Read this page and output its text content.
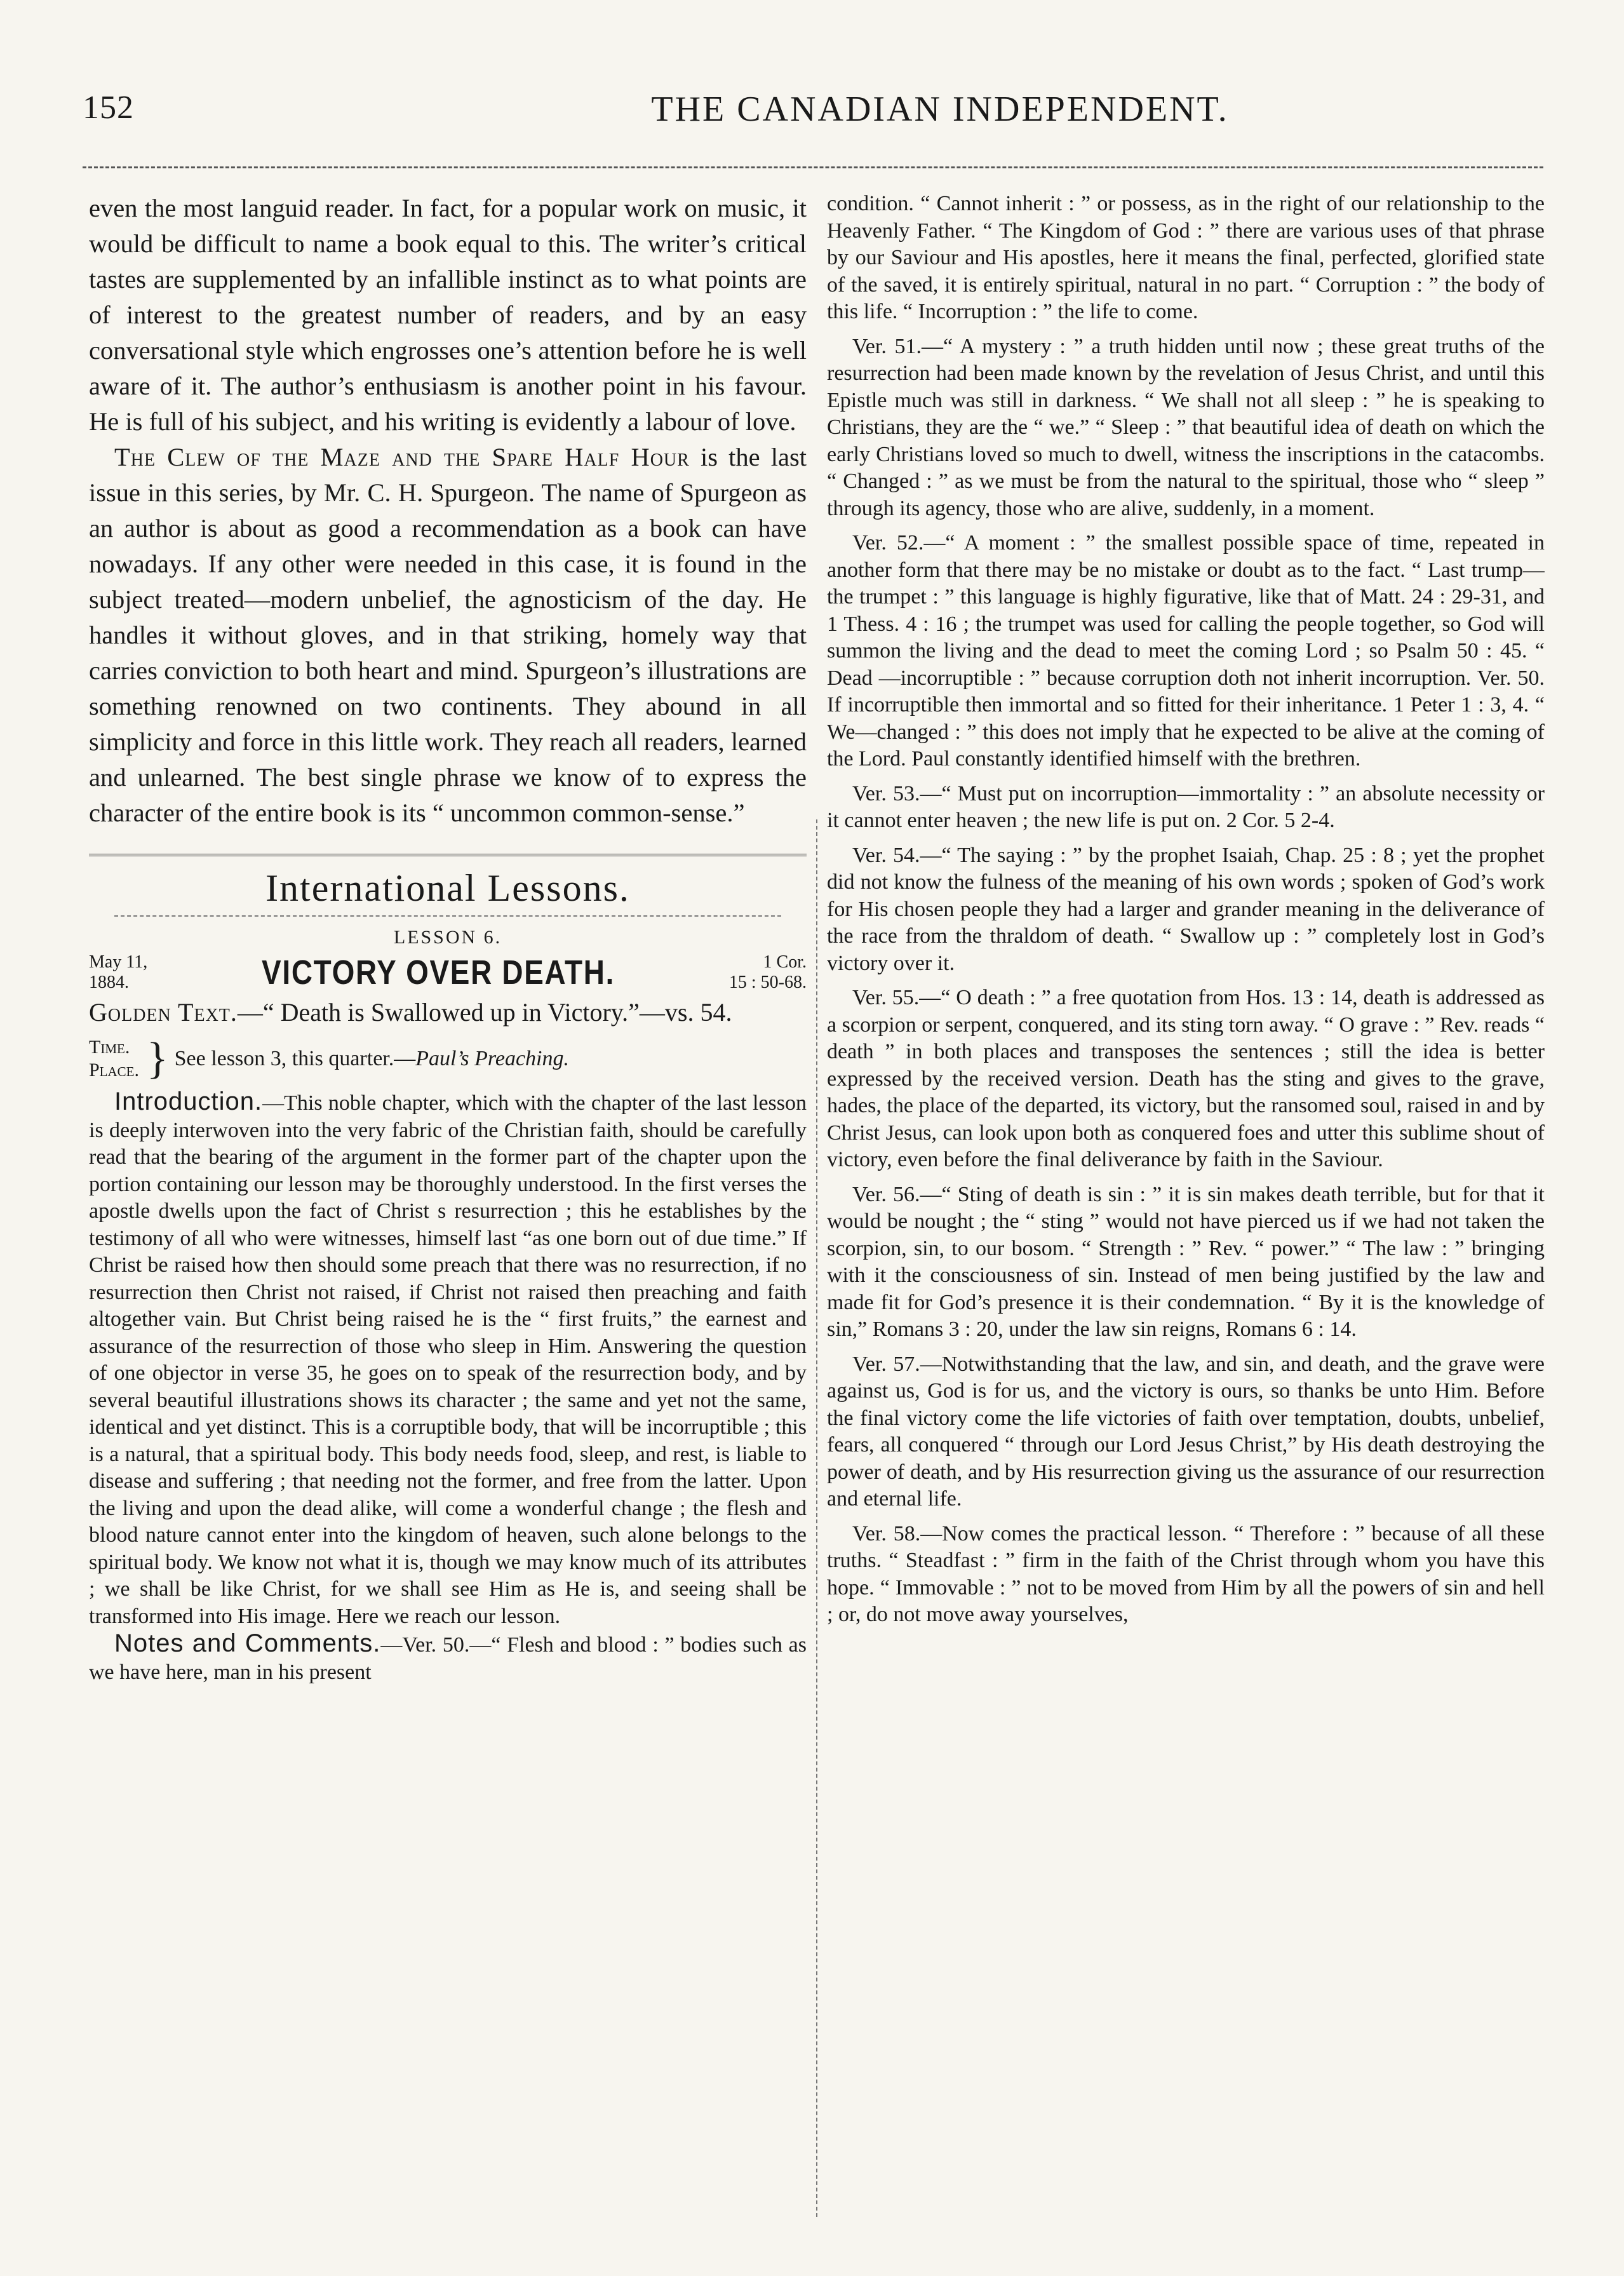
152	THE CANADIAN INDEPENDENT.

even the most languid reader. In fact, for a popular work on music, it would be difficult to name a book equal to this. The writer’s critical tastes are supplemented by an infallible instinct as to what points are of interest to the greatest number of readers, and by an easy conversational style which engrosses one’s attention before he is well aware of it. The author’s enthusiasm is another point in his favour. He is full of his subject, and his writing is evidently a labour of love.

The Clew of the Maze and the Spare Half Hour is the last issue in this series, by Mr. C. H. Spurgeon. The name of Spurgeon as an author is about as good a recommendation as a book can have nowadays. If any other were needed in this case, it is found in the subject treated—modern unbelief, the agnosticism of the day. He handles it without gloves, and in that striking, homely way that carries conviction to both heart and mind. Spurgeon’s illustrations are something renowned on two continents. They abound in all simplicity and force in this little work. They reach all readers, learned and unlearned. The best single phrase we know of to express the character of the entire book is its “ uncommon common-sense.”

International Lessons.
LESSON 6.
May 11,
1884.	VICTORY OVER DEATH.	1 Cor.
15 : 50-68.

Golden Text.—“ Death is Swallowed up in Victory.”—vs. 54.

Time.
Place. } See lesson 3, this quarter.—Paul’s Preaching.

Introduction.—This noble chapter, which with the chapter of the last lesson is deeply interwoven into the very fabric of the Christian faith, should be carefully read that the bearing of the argument in the former part of the chapter upon the portion containing our lesson may be thoroughly understood. In the first verses the apostle dwells upon the fact of Christ s resurrection ; this he establishes by the testimony of all who were witnesses, himself last “as one born out of due time.” If Christ be raised how then should some preach that there was no resurrection, if no resurrection then Christ not raised, if Christ not raised then preaching and faith altogether vain. But Christ being raised he is the “ first fruits,” the earnest and assurance of the resurrection of those who sleep in Him. Answering the question of one objector in verse 35, he goes on to speak of the resurrection body, and by several beautiful illustrations shows its character ; the same and yet not the same, identical and yet distinct. This is a corruptible body, that will be incorruptible ; this is a natural, that a spiritual body. This body needs food, sleep, and rest, is liable to disease and suffering ; that needing not the former, and free from the latter. Upon the living and upon the dead alike, will come a wonderful change ; the flesh and blood nature cannot enter into the kingdom of heaven, such alone belongs to the spiritual body. We know not what it is, though we may know much of its attributes ; we shall be like Christ, for we shall see Him as He is, and seeing shall be transformed into His image. Here we reach our lesson.

Notes and Comments.—Ver. 50.—“ Flesh and blood : ” bodies such as we have here, man in his present

condition. “ Cannot inherit : ” or possess, as in the right of our relationship to the Heavenly Father. “ The Kingdom of God : ” there are various uses of that phrase by our Saviour and His apostles, here it means the final, perfected, glorified state of the saved, it is entirely spiritual, natural in no part. “ Corruption : ” the body of this life. “ Incorruption : ” the life to come.

Ver. 51.—“ A mystery : ” a truth hidden until now ; these great truths of the resurrection had been made known by the revelation of Jesus Christ, and until this Epistle much was still in darkness. “ We shall not all sleep : ” he is speaking to Christians, they are the “ we.” “ Sleep : ” that beautiful idea of death on which the early Christians loved so much to dwell, witness the inscriptions in the catacombs. “ Changed : ” as we must be from the natural to the spiritual, those who “ sleep ” through its agency, those who are alive, suddenly, in a moment.

Ver. 52.—“ A moment : ” the smallest possible space of time, repeated in another form that there may be no mistake or doubt as to the fact. “ Last trump—the trumpet : ” this language is highly figurative, like that of Matt. 24 : 29-31, and 1 Thess. 4 : 16 ; the trumpet was used for calling the people together, so God will summon the living and the dead to meet the coming Lord ; so Psalm 50 : 45. “ Dead —incorruptible : ” because corruption doth not inherit incorruption. Ver. 50. If incorruptible then immortal and so fitted for their inheritance. 1 Peter 1 : 3, 4. “ We—changed : ” this does not imply that he expected to be alive at the coming of the Lord. Paul constantly identified himself with the brethren.

Ver. 53.—“ Must put on incorruption—immortality : ” an absolute necessity or it cannot enter heaven ; the new life is put on. 2 Cor. 5 2-4.

Ver. 54.—“ The saying : ” by the prophet Isaiah, Chap. 25 : 8 ; yet the prophet did not know the fulness of the meaning of his own words ; spoken of God’s work for His chosen people they had a larger and grander meaning in the deliverance of the race from the thraldom of death. “ Swallow up : ” completely lost in God’s victory over it.

Ver. 55.—“ O death : ” a free quotation from Hos. 13 : 14, death is addressed as a scorpion or serpent, conquered, and its sting torn away. “ O grave : ” Rev. reads “ death ” in both places and transposes the sentences ; still the idea is better expressed by the received version. Death has the sting and gives to the grave, hades, the place of the departed, its victory, but the ransomed soul, raised in and by Christ Jesus, can look upon both as conquered foes and utter this sublime shout of victory, even before the final deliverance by faith in the Saviour.

Ver. 56.—“ Sting of death is sin : ” it is sin makes death terrible, but for that it would be nought ; the “ sting ” would not have pierced us if we had not taken the scorpion, sin, to our bosom. “ Strength : ” Rev. “ power.” “ The law : ” bringing with it the consciousness of sin. Instead of men being justified by the law and made fit for God’s presence it is their condemnation. “ By it is the knowledge of sin,” Romans 3 : 20, under the law sin reigns, Romans 6 : 14.

Ver. 57.—Notwithstanding that the law, and sin, and death, and the grave were against us, God is for us, and the victory is ours, so thanks be unto Him. Before the final victory come the life victories of faith over temptation, doubts, unbelief, fears, all conquered “ through our Lord Jesus Christ,” by His death destroying the power of death, and by His resurrection giving us the assurance of our resurrection and eternal life.

Ver. 58.—Now comes the practical lesson. “ Therefore : ” because of all these truths. “ Steadfast : ” firm in the faith of the Christ through whom you have this hope. “ Immovable : ” not to be moved from Him by all the powers of sin and hell ; or, do not move away yourselves,
